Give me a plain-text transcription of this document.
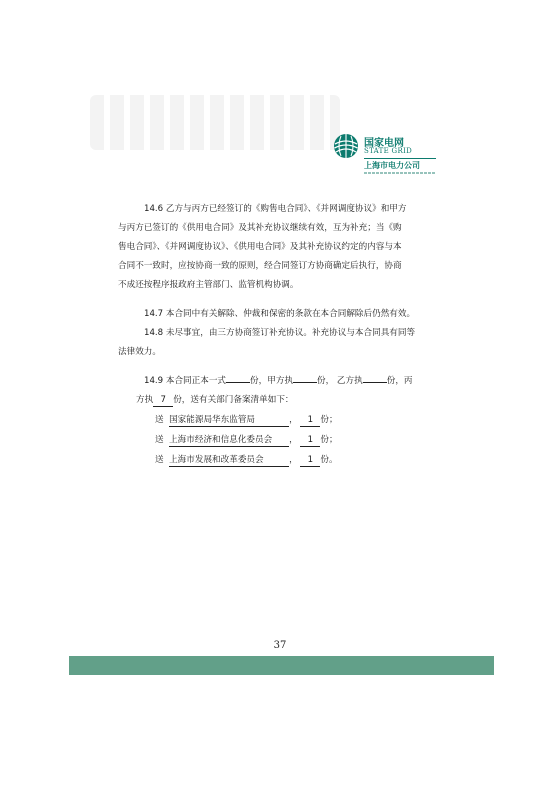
国家电网
STATE GRID
上海市电力公司

14.6 乙方与丙方已经签订的《购售电合同》、《并网调度协议》和甲方

与丙方已签订的《供用电合同》及其补充协议继续有效，互为补充；当《购

售电合同》、《并网调度协议》、《供用电合同》及其补充协议约定的内容与本

合同不一致时，应按协商一致的原则，经合同签订方协商确定后执行，协商

不成还按程序报政府主管部门、监管机构协调。

14.7 本合同中有关解除、仲裁和保密的条款在本合同解除后仍然有效。

14.8 未尽事宜，由三方协商签订补充协议。补充协议与本合同具有同等

法律效力。

14.9 本合同正本一式	份，甲方执	份， 乙方执	份，丙

方执 7 份，送有关部门备案清单如下：

送 国家能源局华东监管局	， 1 份；

送 上海市经济和信息化委员会 ， 1 份；

送 上海市发展和改革委员会	， 1 份。

37
